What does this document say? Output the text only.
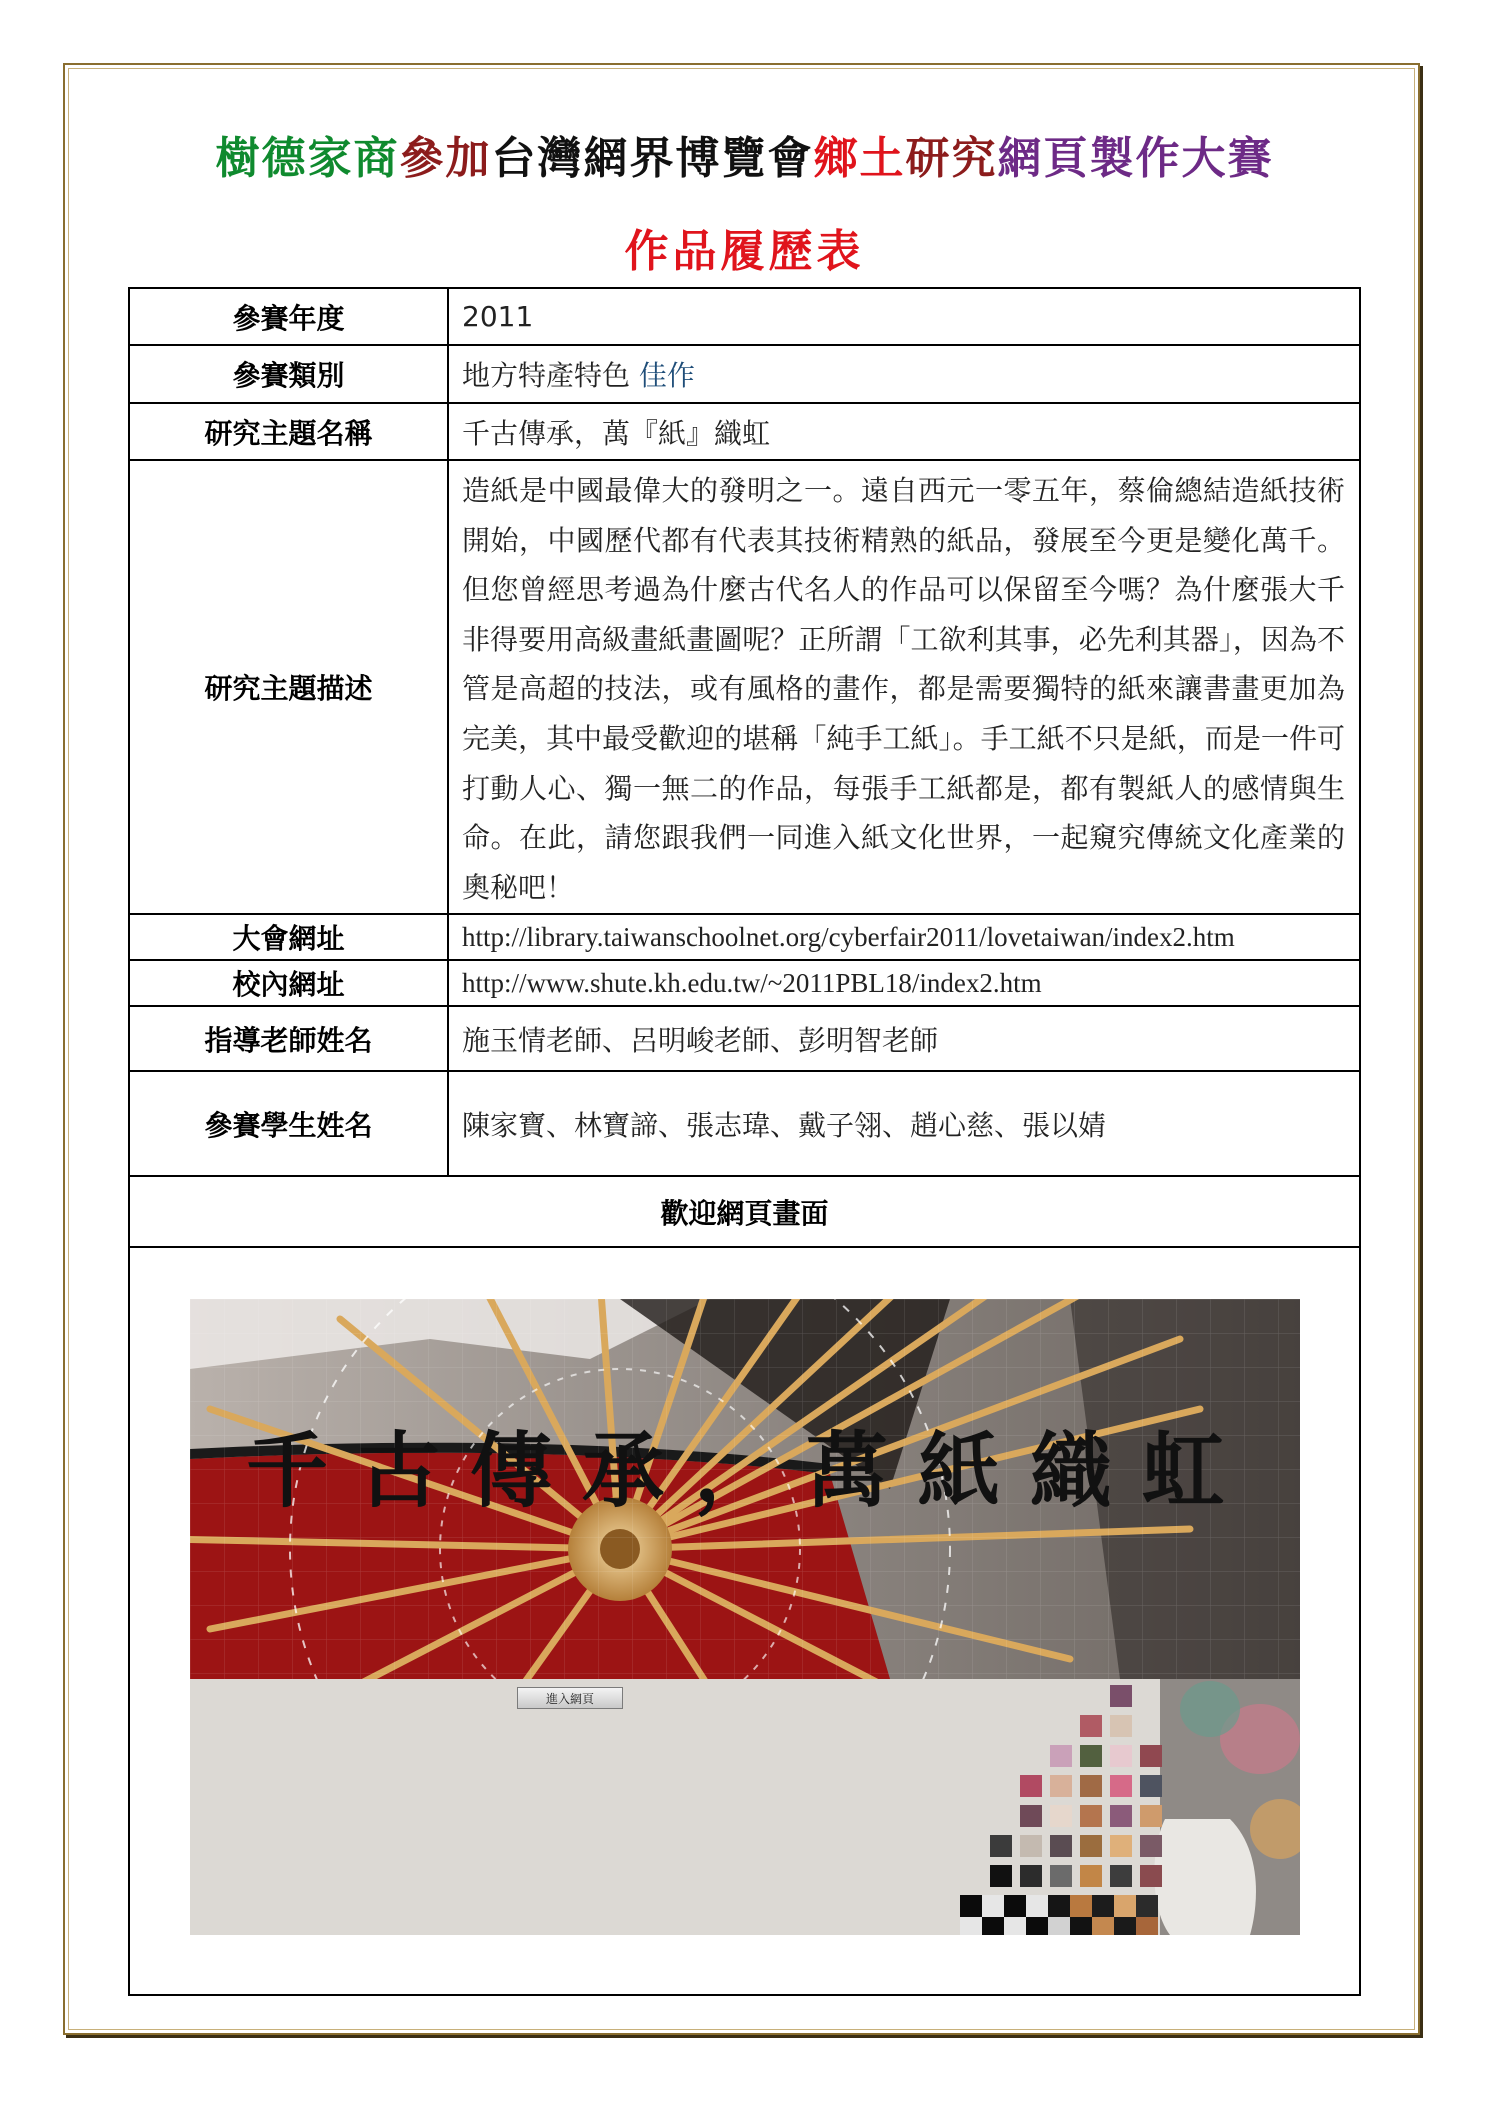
樹德家商參加台灣網界博覽會鄉土研究網頁製作大賽
作品履歷表
參賽年度	2011
參賽類別	地方特產特色 佳作
研究主題名稱	千古傳承，萬『紙』織虹
研究主題描述	造紙是中國最偉大的發明之一。遠自西元一零五年，蔡倫總結造紙技術開始，中國歷代都有代表其技術精熟的紙品，發展至今更是變化萬千。但您曾經思考過為什麼古代名人的作品可以保留至今嗎？為什麼張大千非得要用高級畫紙畫圖呢？正所謂「工欲利其事，必先利其器」，因為不管是高超的技法，或有風格的畫作，都是需要獨特的紙來讓書畫更加為完美，其中最受歡迎的堪稱「純手工紙」。手工紙不只是紙，而是一件可打動人心、獨一無二的作品，每張手工紙都是，都有製紙人的感情與生命。在此，請您跟我們一同進入紙文化世界，一起窺究傳統文化產業的奧秘吧！
大會網址	http://library.taiwanschoolnet.org/cyberfair2011/lovetaiwan/index2.htm
校內網址	http://www.shute.kh.edu.tw/~2011PBL18/index2.htm
指導老師姓名	施玉情老師、呂明峻老師、彭明智老師
參賽學生姓名	陳家寶、林寶諦、張志瑋、戴子翎、趙心慈、張以婧
歡迎網頁畫面	

千古傳承，萬紙織虹
進入網頁
